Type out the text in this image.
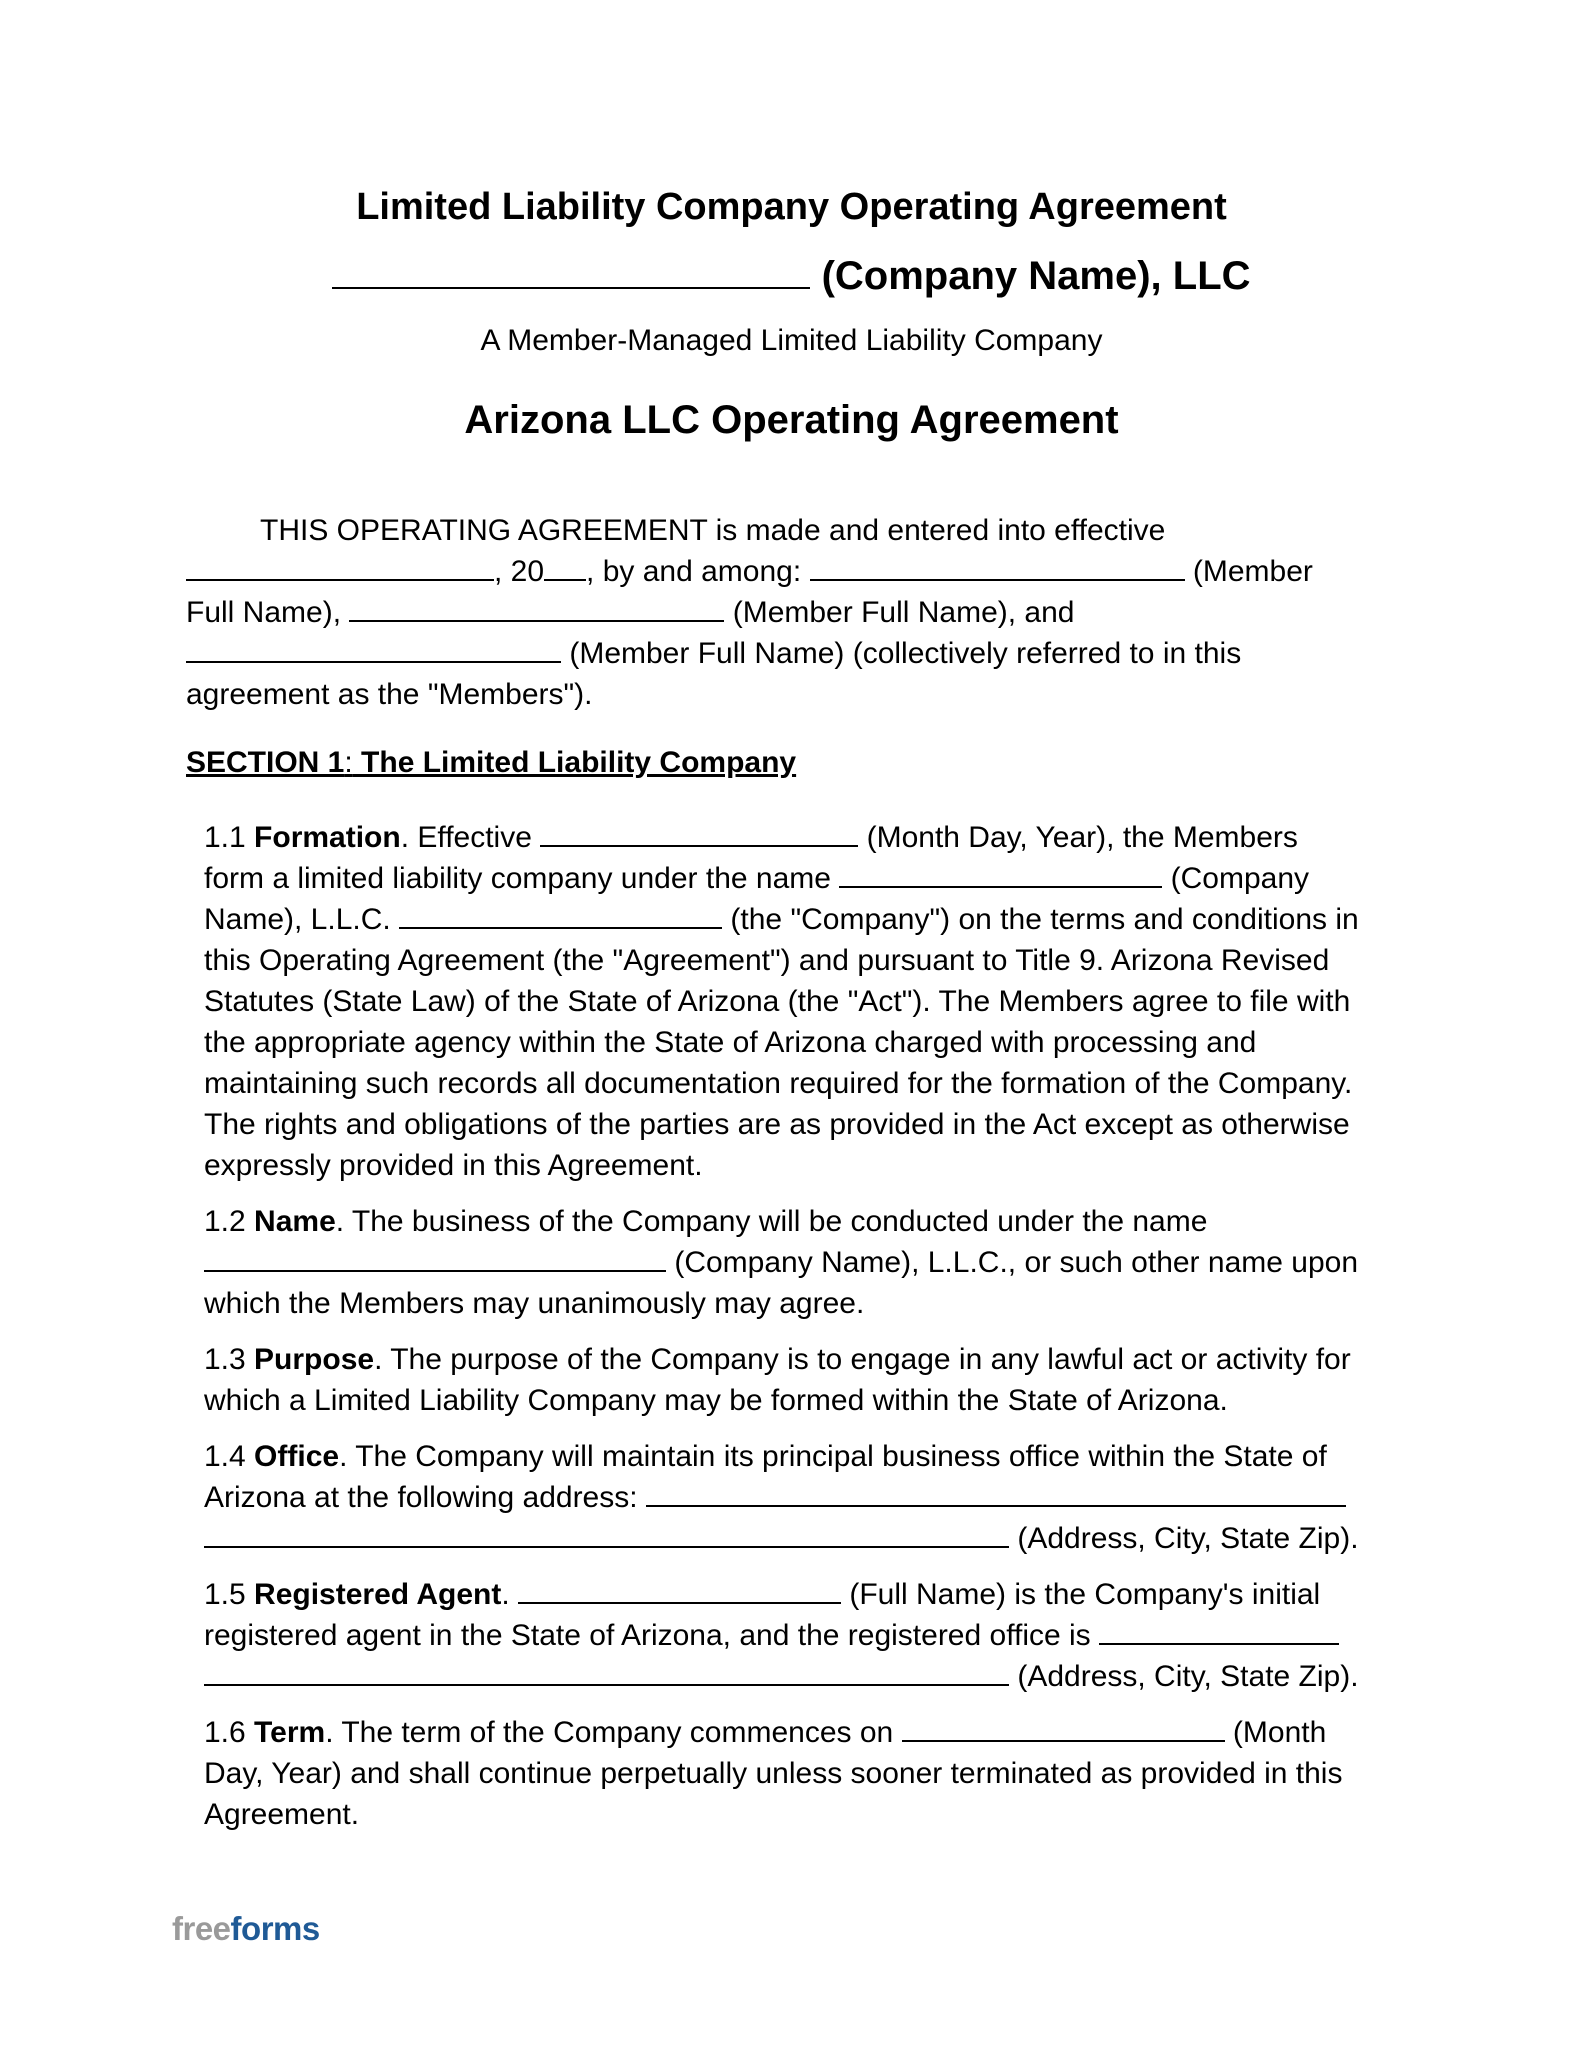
Limited Liability Company Operating Agreement
(Company Name), LLC
A Member-Managed Limited Liability Company
Arizona LLC Operating Agreement
THIS OPERATING AGREEMENT is made and entered into effective
, 20 , by and among:	(Member
Full Name),	(Member Full Name), and
(Member Full Name) (collectively referred to in this
agreement as the "Members").
SECTION 1: The Limited Liability Company
1.1 Formation. Effective	(Month Day, Year), the Members
form a limited liability company under the name	(Company
Name), L.L.C.	(the "Company") on the terms and conditions in
this Operating Agreement (the "Agreement") and pursuant to Title 9. Arizona Revised
Statutes (State Law) of the State of Arizona (the "Act"). The Members agree to file with
the appropriate agency within the State of Arizona charged with processing and
maintaining such records all documentation required for the formation of the Company.
The rights and obligations of the parties are as provided in the Act except as otherwise
expressly provided in this Agreement.
1.2 Name. The business of the Company will be conducted under the name
(Company Name), L.L.C., or such other name upon
which the Members may unanimously may agree.
1.3 Purpose. The purpose of the Company is to engage in any lawful act or activity for
which a Limited Liability Company may be formed within the State of Arizona.
1.4 Office. The Company will maintain its principal business office within the State of
Arizona at the following address:
(Address, City, State Zip).
1.5 Registered Agent.	(Full Name) is the Company's initial
registered agent in the State of Arizona, and the registered office is
(Address, City, State Zip).
1.6 Term. The term of the Company commences on	(Month
Day, Year) and shall continue perpetually unless sooner terminated as provided in this
Agreement.
freeforms
